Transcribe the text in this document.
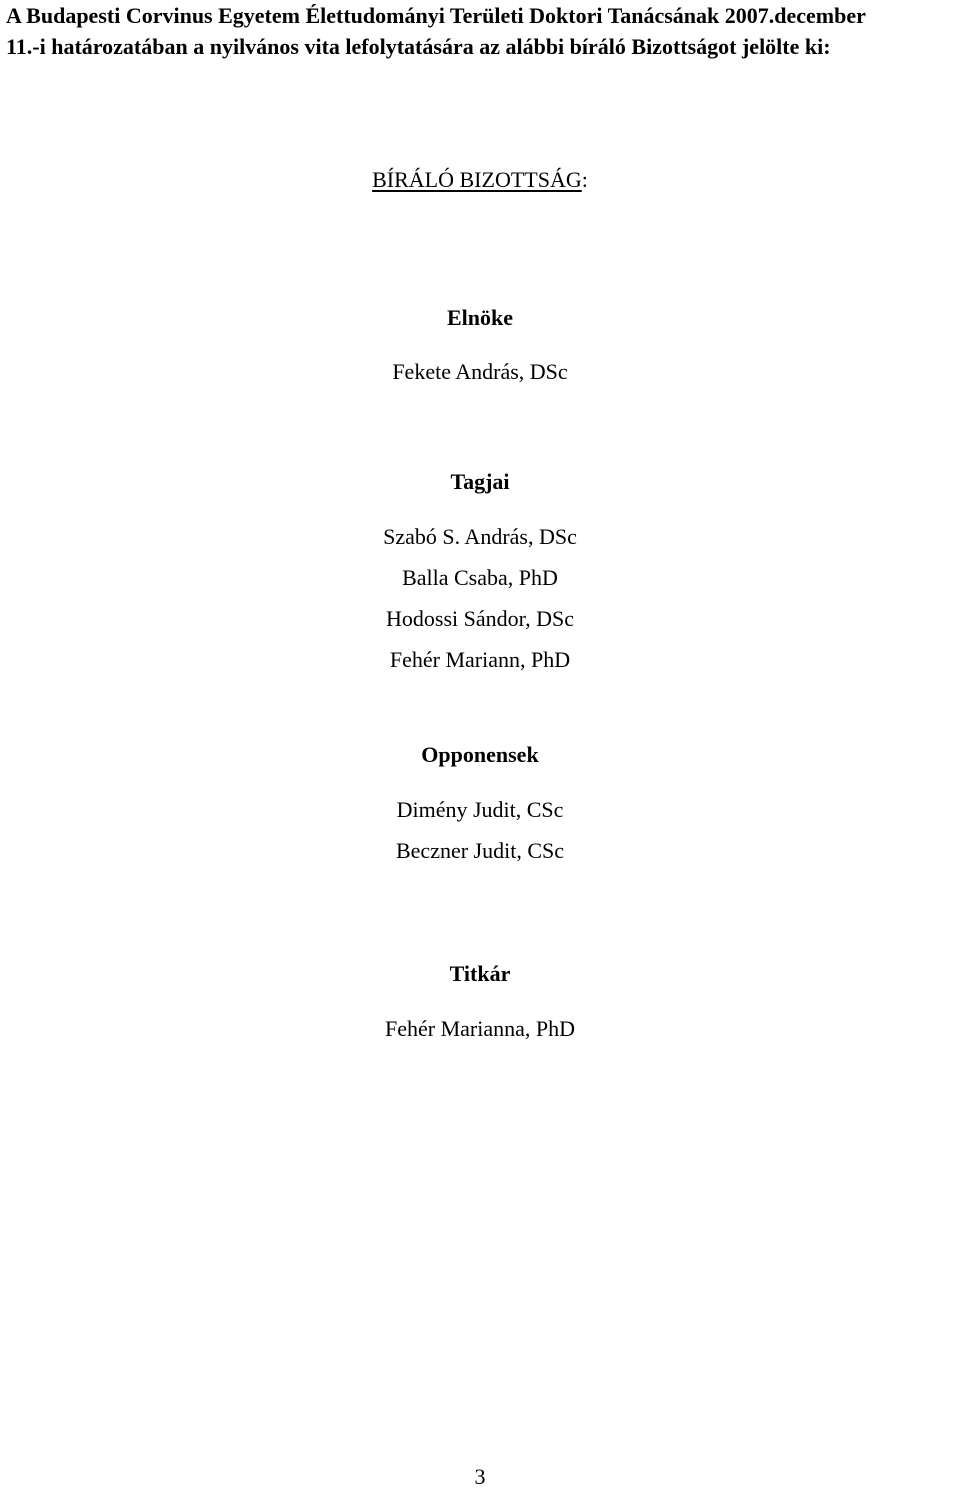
A Budapesti Corvinus Egyetem Élettudományi Területi Doktori Tanácsának 2007.december
11.-i határozatában a nyilvános vita lefolytatására az alábbi bíráló Bizottságot jelölte ki:
BÍRÁLÓ BIZOTTSÁG:
Elnöke
Fekete András, DSc
Tagjai
Szabó S. András, DSc
Balla Csaba, PhD
Hodossi Sándor, DSc
Fehér Mariann, PhD
Opponensek
Dimény Judit, CSc
Beczner Judit, CSc
Titkár
Fehér Marianna, PhD
3
